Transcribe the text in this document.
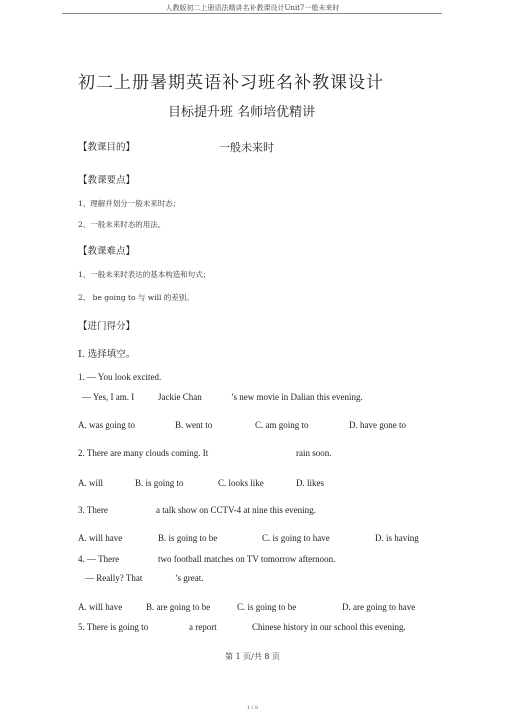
人教版初二上册语法精讲名补教课设计Unit7一般未来时
初二上册暑期英语补习班名补教课设计
目标提升班 名师培优精讲
【教课目的】	一般未来时
【教课要点】
1、理解并划分一般未来时态；
2、一般未来时态的用法。
【教课难点】
1、一般未来时表达的基本构造和句式；
2、 be going to 与 will 的差别。
【进门得分】
I. 选择填空。
1. — You look excited.
— Yes, I am. I	Jackie Chan	’s new movie in Dalian this evening.
A. was going to	B. went to	C. am going to	D. have gone to
2. There are many clouds coming. It	rain soon.
A. will	B. is going to	C. looks like	D. likes
3. There	a talk show on CCTV-4 at nine this evening.
A. will have	B. is going to be	C. is going to have	D. is having
4. — There	two football matches on TV tomorrow afternoon.
— Really? That	’s great.
A. will have	B. are going to be	C. is going to be	D. are going to have
5. There is going to	a report	Chinese history in our school this evening.
第 1 页/共 8 页
1 / 8
